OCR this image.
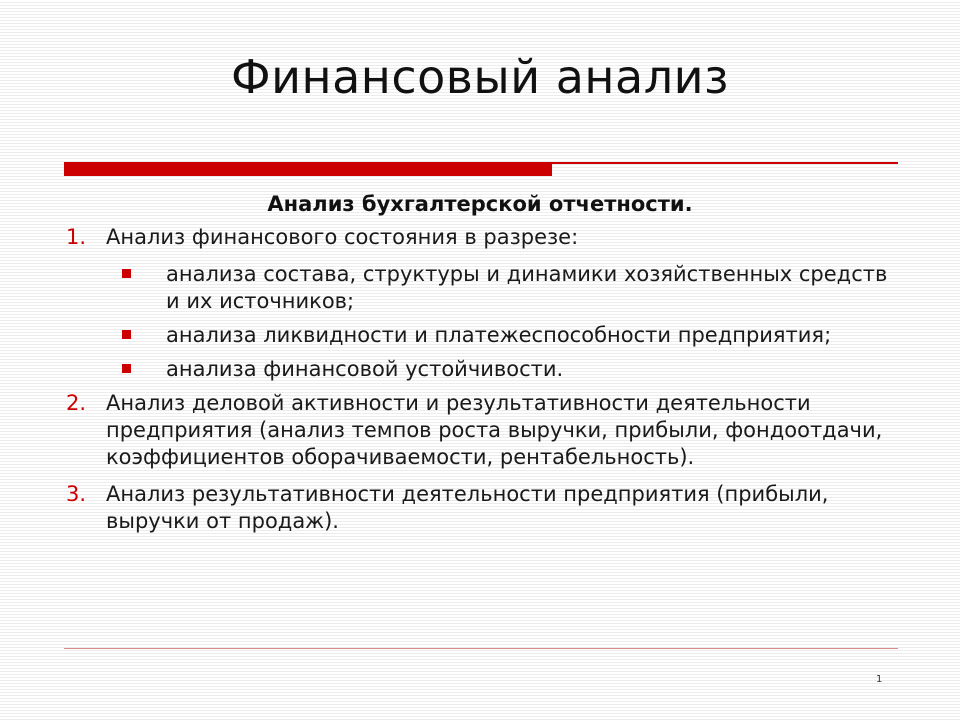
Финансовый анализ
Анализ бухгалтерской отчетности.
1. Анализ финансового состояния в разрезе:
анализа состава, структуры и динамики хозяйственных средств и их источников;
анализа ликвидности и платежеспособности предприятия;
анализа финансовой устойчивости.
2. Анализ деловой активности и результативности деятельности предприятия (анализ темпов роста выручки, прибыли, фондоотдачи, коэффициентов оборачиваемости, рентабельность).
3. Анализ результативности деятельности предприятия (прибыли, выручки от продаж).
1
